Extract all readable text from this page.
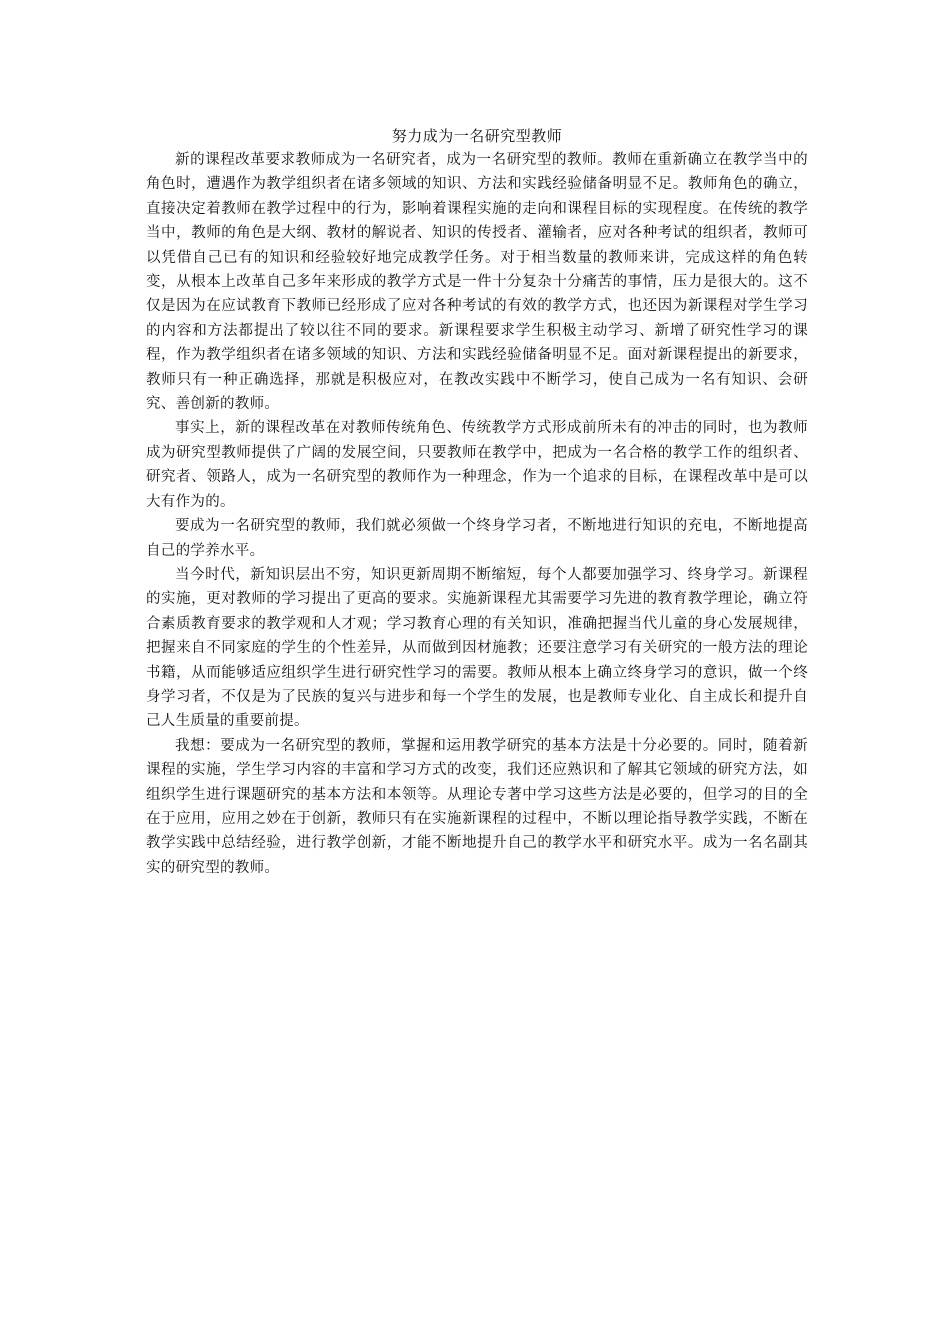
努力成为一名研究型教师

新的课程改革要求教师成为一名研究者，成为一名研究型的教师。教师在重新确立在教学当中的角色时，遭遇作为教学组织者在诸多领域的知识、方法和实践经验储备明显不足。教师角色的确立，直接决定着教师在教学过程中的行为，影响着课程实施的走向和课程目标的实现程度。在传统的教学当中，教师的角色是大纲、教材的解说者、知识的传授者、灌输者，应对各种考试的组织者，教师可以凭借自己已有的知识和经验较好地完成教学任务。对于相当数量的教师来讲，完成这样的角色转变，从根本上改革自己多年来形成的教学方式是一件十分复杂十分痛苦的事情，压力是很大的。这不仅是因为在应试教育下教师已经形成了应对各种考试的有效的教学方式，也还因为新课程对学生学习的内容和方法都提出了较以往不同的要求。新课程要求学生积极主动学习、新增了研究性学习的课程，作为教学组织者在诸多领域的知识、方法和实践经验储备明显不足。面对新课程提出的新要求，教师只有一种正确选择，那就是积极应对，在教改实践中不断学习，使自己成为一名有知识、会研究、善创新的教师。

事实上，新的课程改革在对教师传统角色、传统教学方式形成前所未有的冲击的同时，也为教师成为研究型教师提供了广阔的发展空间，只要教师在教学中，把成为一名合格的教学工作的组织者、研究者、领路人，成为一名研究型的教师作为一种理念，作为一个追求的目标，在课程改革中是可以大有作为的。

要成为一名研究型的教师，我们就必须做一个终身学习者，不断地进行知识的充电，不断地提高自己的学养水平。

当今时代，新知识层出不穷，知识更新周期不断缩短，每个人都要加强学习、终身学习。新课程的实施，更对教师的学习提出了更高的要求。实施新课程尤其需要学习先进的教育教学理论，确立符合素质教育要求的教学观和人才观；学习教育心理的有关知识，准确把握当代儿童的身心发展规律，把握来自不同家庭的学生的个性差异，从而做到因材施教；还要注意学习有关研究的一般方法的理论书籍，从而能够适应组织学生进行研究性学习的需要。教师从根本上确立终身学习的意识，做一个终身学习者，不仅是为了民族的复兴与进步和每一个学生的发展，也是教师专业化、自主成长和提升自己人生质量的重要前提。

我想：要成为一名研究型的教师，掌握和运用教学研究的基本方法是十分必要的。同时，随着新课程的实施，学生学习内容的丰富和学习方式的改变，我们还应熟识和了解其它领域的研究方法，如组织学生进行课题研究的基本方法和本领等。从理论专著中学习这些方法是必要的，但学习的目的全在于应用，应用之妙在于创新，教师只有在实施新课程的过程中，不断以理论指导教学实践，不断在教学实践中总结经验，进行教学创新，才能不断地提升自己的教学水平和研究水平。成为一名名副其实的研究型的教师。
